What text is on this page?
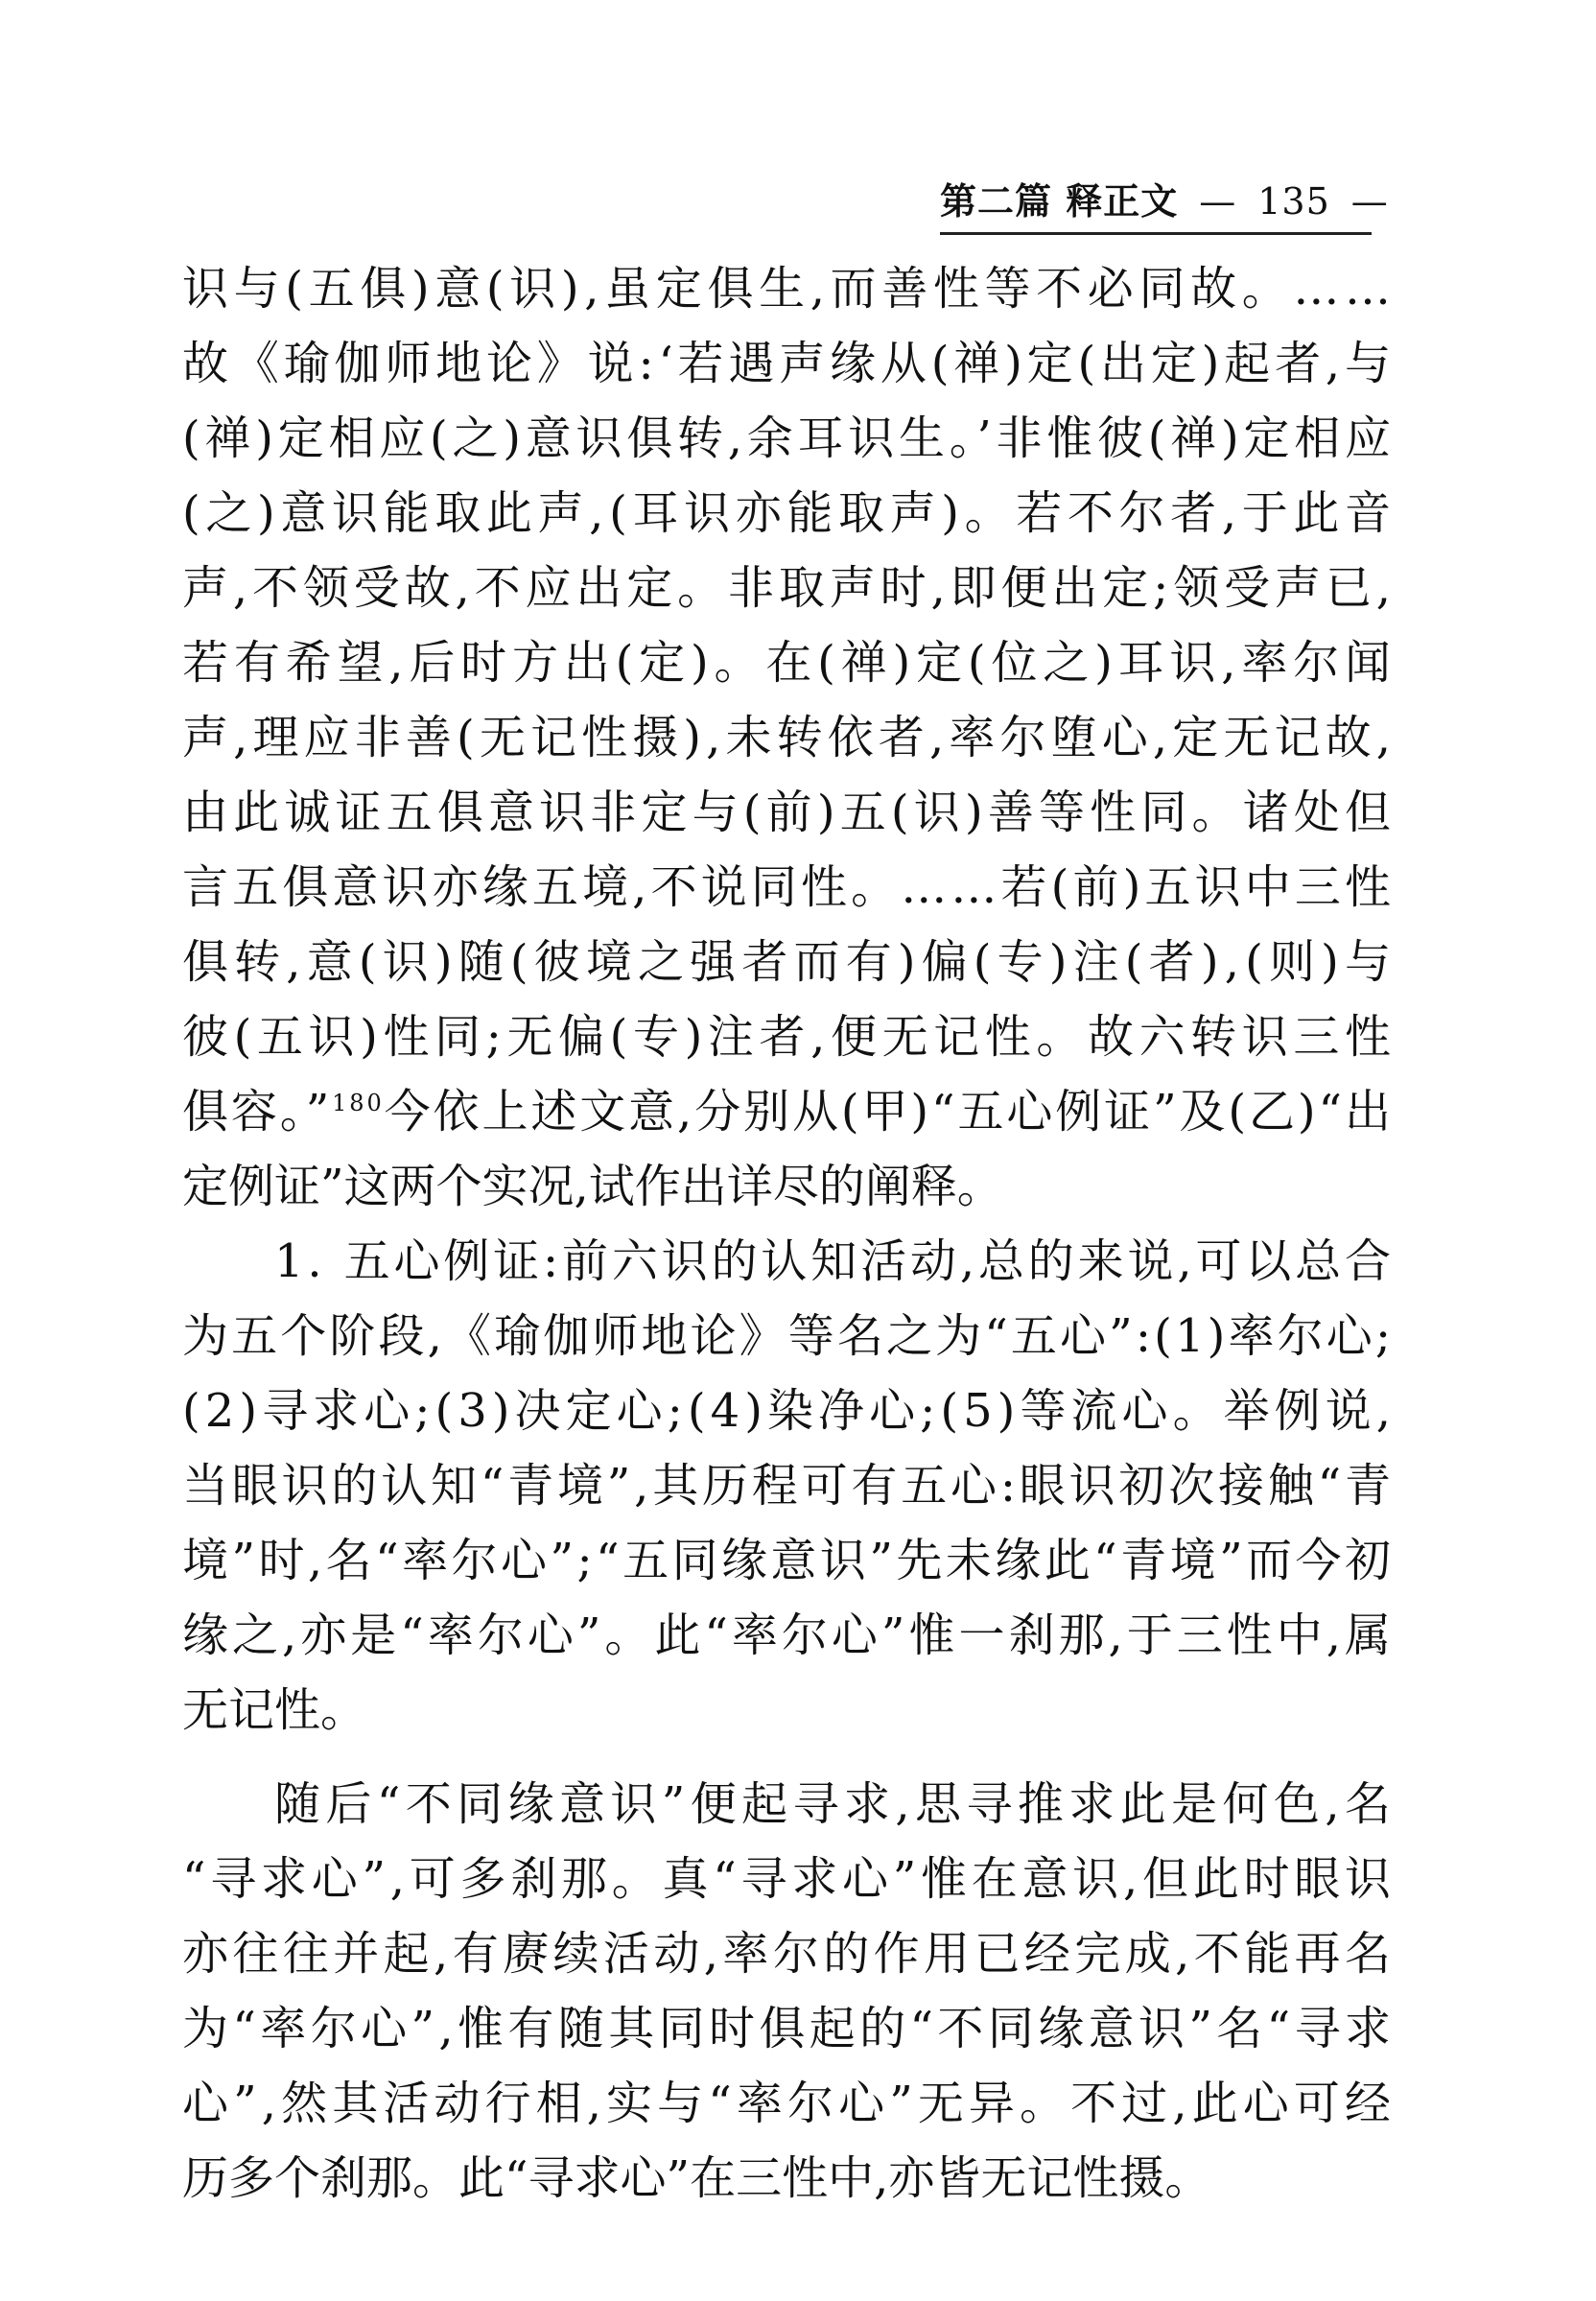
第二篇 释正文 — 135 —
识与(五俱)意(识),虽定俱生,而善性等不必同故。……
故《瑜伽师地论》说:‘若遇声缘从(禅)定(出定)起者,与
(禅)定相应(之)意识俱转,余耳识生。’非惟彼(禅)定相应
(之)意识能取此声,(耳识亦能取声)。若不尔者,于此音
声,不领受故,不应出定。非取声时,即便出定;领受声已,
若有希望,后时方出(定)。在(禅)定(位之)耳识,率尔闻
声,理应非善(无记性摄),未转依者,率尔堕心,定无记故,
由此诚证五俱意识非定与(前)五(识)善等性同。诸处但
言五俱意识亦缘五境,不说同性。……若(前)五识中三性
俱转,意(识)随(彼境之强者而有)偏(专)注(者),(则)与
彼(五识)性同;无偏(专)注者,便无记性。故六转识三性
俱容。”$^{180}$今依上述文意,分别从(甲)“五心例证”及(乙)“出
定例证”这两个实况,试作出详尽的阐释。
1. 五心例证:前六识的认知活动,总的来说,可以总合
为五个阶段,《瑜伽师地论》等名之为“五心”:(1)率尔心;
(2)寻求心;(3)决定心;(4)染净心;(5)等流心。举例说,
当眼识的认知“青境”,其历程可有五心:眼识初次接触“青
境”时,名“率尔心”;“五同缘意识”先未缘此“青境”而今初
缘之,亦是“率尔心”。此“率尔心”惟一刹那,于三性中,属
无记性。
随后“不同缘意识”便起寻求,思寻推求此是何色,名
“寻求心”,可多刹那。真“寻求心”惟在意识,但此时眼识
亦往往并起,有赓续活动,率尔的作用已经完成,不能再名
为“率尔心”,惟有随其同时俱起的“不同缘意识”名“寻求
心”,然其活动行相,实与“率尔心”无异。不过,此心可经
历多个刹那。此“寻求心”在三性中,亦皆无记性摄。
